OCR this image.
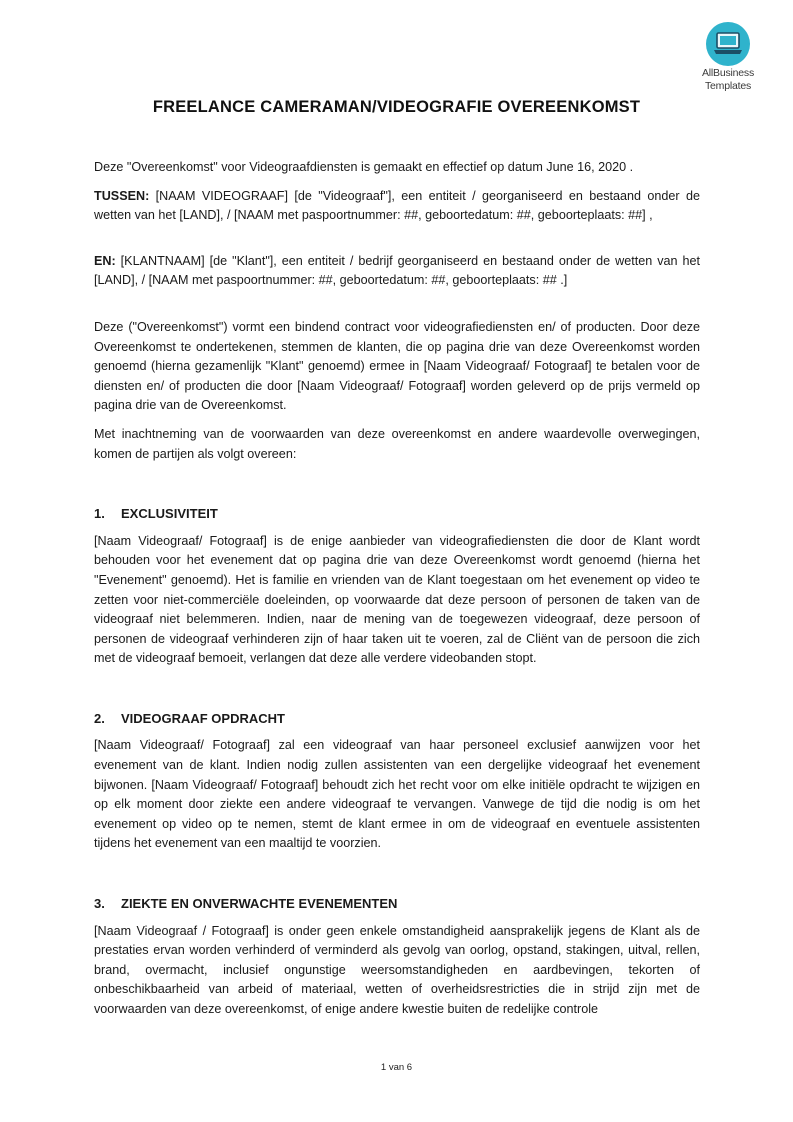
AllBusiness
Templates
FREELANCE CAMERAMAN/VIDEOGRAFIE OVEREENKOMST

Deze "Overeenkomst" voor Videograafdiensten is gemaakt en effectief op datum June 16, 2020 .

TUSSEN: [NAAM VIDEOGRAAF] [de "Videograaf"], een entiteit / georganiseerd en bestaand onder de wetten van het [LAND], / [NAAM met paspoortnummer: ##, geboortedatum: ##, geboorteplaats: ##] ,

EN: [KLANTNAAM] [de "Klant"], een entiteit / bedrijf georganiseerd en bestaand onder de wetten van het [LAND], / [NAAM met paspoortnummer: ##, geboortedatum: ##, geboorteplaats: ## .]

Deze ("Overeenkomst") vormt een bindend contract voor videografiediensten en/ of producten. Door deze Overeenkomst te ondertekenen, stemmen de klanten, die op pagina drie van deze Overeenkomst worden genoemd (hierna gezamenlijk "Klant" genoemd) ermee in [Naam Videograaf/ Fotograaf] te betalen voor de diensten en/ of producten die door [Naam Videograaf/ Fotograaf] worden geleverd op de prijs vermeld op pagina drie van de Overeenkomst.

Met inachtneming van de voorwaarden van deze overeenkomst en andere waardevolle overwegingen, komen de partijen als volgt overeen:

1. EXCLUSIVITEIT

[Naam Videograaf/ Fotograaf] is de enige aanbieder van videografiediensten die door de Klant wordt behouden voor het evenement dat op pagina drie van deze Overeenkomst wordt genoemd (hierna het "Evenement" genoemd). Het is familie en vrienden van de Klant toegestaan om het evenement op video te zetten voor niet-commerciële doeleinden, op voorwaarde dat deze persoon of personen de taken van de videograaf niet belemmeren. Indien, naar de mening van de toegewezen videograaf, deze persoon of personen de videograaf verhinderen zijn of haar taken uit te voeren, zal de Cliënt van de persoon die zich met de videograaf bemoeit, verlangen dat deze alle verdere videobanden stopt.

2. VIDEOGRAAF OPDRACHT

[Naam Videograaf/ Fotograaf] zal een videograaf van haar personeel exclusief aanwijzen voor het evenement van de klant. Indien nodig zullen assistenten van een dergelijke videograaf het evenement bijwonen. [Naam Videograaf/ Fotograaf] behoudt zich het recht voor om elke initiële opdracht te wijzigen en op elk moment door ziekte een andere videograaf te vervangen. Vanwege de tijd die nodig is om het evenement op video op te nemen, stemt de klant ermee in om de videograaf en eventuele assistenten tijdens het evenement van een maaltijd te voorzien.

3. ZIEKTE EN ONVERWACHTE EVENEMENTEN

[Naam Videograaf / Fotograaf] is onder geen enkele omstandigheid aansprakelijk jegens de Klant als de prestaties ervan worden verhinderd of verminderd als gevolg van oorlog, opstand, stakingen, uitval, rellen, brand, overmacht, inclusief ongunstige weersomstandigheden en aardbevingen, tekorten of onbeschikbaarheid van arbeid of materiaal, wetten of overheidsrestricties die in strijd zijn met de voorwaarden van deze overeenkomst, of enige andere kwestie buiten de redelijke controle

1 van 6
